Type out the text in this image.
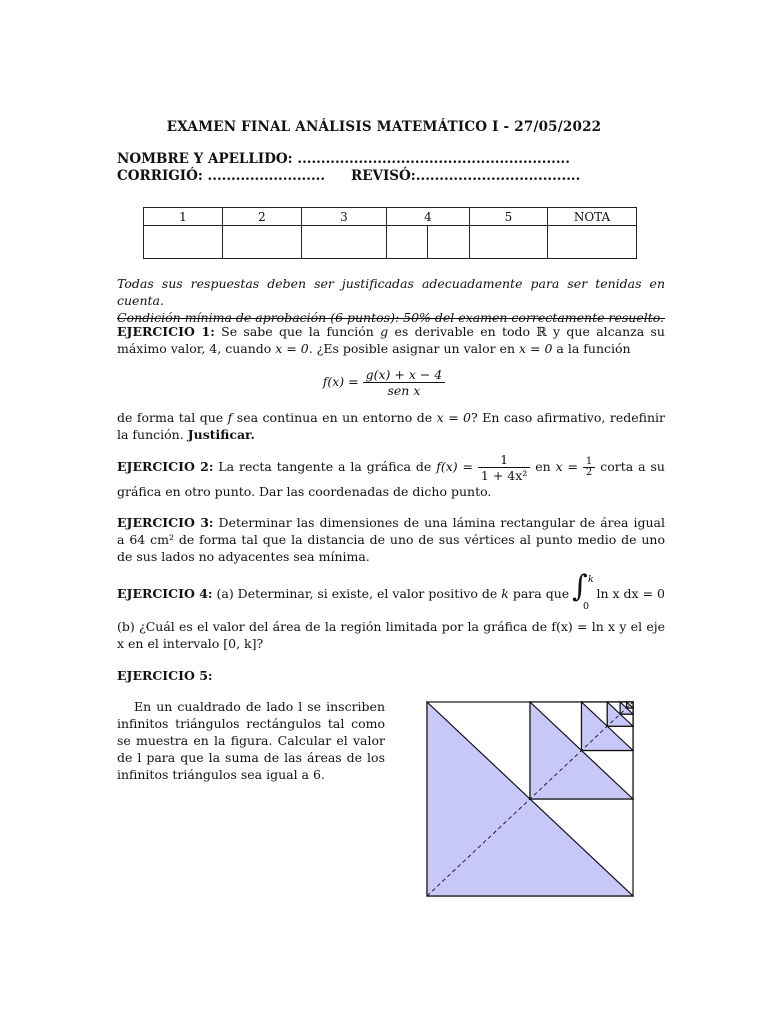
EXAMEN FINAL ANÁLISIS MATEMÁTICO I - 27/05/2022
NOMBRE Y APELLIDO: ..........................................................
CORRIGIÓ: ......................... REVISÓ:...................................
1	2	3	4		5	NOTA

Todas sus respuestas deben ser justificadas adecuadamente para ser tenidas en cuenta.
Condición mínima de aprobación (6 puntos): 50% del examen correctamente resuelto.
EJERCICIO 1: Se sabe que la función g es derivable en todo ℝ y que alcanza su máximo valor, 4, cuando x = 0. ¿Es posible asignar un valor en x = 0 a la función
$f(x) = \frac{g(x) + x - 4}{\text{sen x}}$
de forma tal que f sea continua en un entorno de x = 0? En caso afirmativo, redefinir la función. Justificar.
EJERCICIO 2: La recta tangente a la gráfica de $f(x) = \frac{1}{\text{1 + 4x²}}$ en $x = \frac{1}{2}$ corta a su gráfica en otro punto. Dar las coordenadas de dicho punto.
EJERCICIO 3: Determinar las dimensiones de una lámina rectangular de área igual a 64 cm² de forma tal que la distancia de uno de sus vértices al punto medio de uno de sus lados no adyacentes sea mínima.
EJERCICIO 4: (a) Determinar, si existe, el valor positivo de k para que ∫ k
0
ln x dx = 0
(b) ¿Cuál es el valor del área de la región limitada por la gráfica de f(x) = ln x y el eje x en el intervalo [0, k]?
EJERCICIO 5:
En un cualdrado de lado l se inscriben infinitos triángulos rectángulos tal como se muestra en la figura. Calcular el valor de l para que la suma de las áreas de los infinitos triángulos sea igual a 6.
